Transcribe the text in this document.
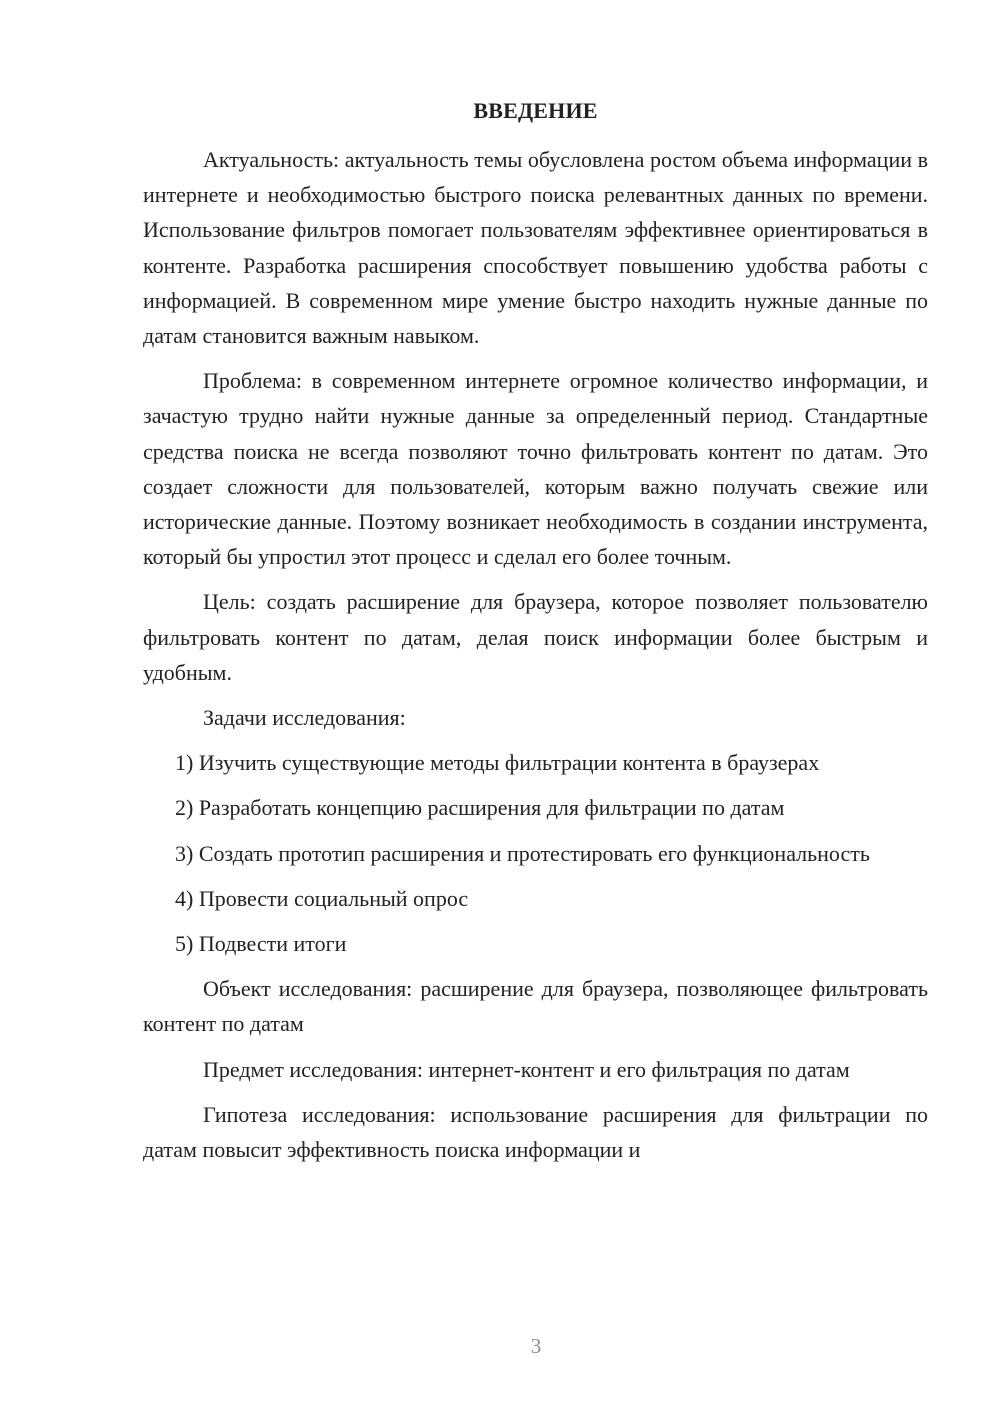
ВВЕДЕНИЕ

Актуальность: актуальность темы обусловлена ростом объема информации в интернете и необходимостью быстрого поиска релевантных данных по времени. Использование фильтров помогает пользователям эффективнее ориентироваться в контенте. Разработка расширения способствует повышению удобства работы с информацией. В современном мире умение быстро находить нужные данные по датам становится важным навыком.

Проблема: в современном интернете огромное количество информации, и зачастую трудно найти нужные данные за определенный период. Стандартные средства поиска не всегда позволяют точно фильтровать контент по датам. Это создает сложности для пользователей, которым важно получать свежие или исторические данные. Поэтому возникает необходимость в создании инструмента, который бы упростил этот процесс и сделал его более точным.

Цель: создать расширение для браузера, которое позволяет пользователю фильтровать контент по датам, делая поиск информации более быстрым и удобным.

Задачи исследования:

1) Изучить существующие методы фильтрации контента в браузерах

2) Разработать концепцию расширения для фильтрации по датам

3) Создать прототип расширения и протестировать его функциональность

4) Провести социальный опрос

5) Подвести итоги

Объект исследования: расширение для браузера, позволяющее фильтровать контент по датам

Предмет исследования: интернет-контент и его фильтрация по датам

Гипотеза исследования: использование расширения для фильтрации по датам повысит эффективность поиска информации и

3
